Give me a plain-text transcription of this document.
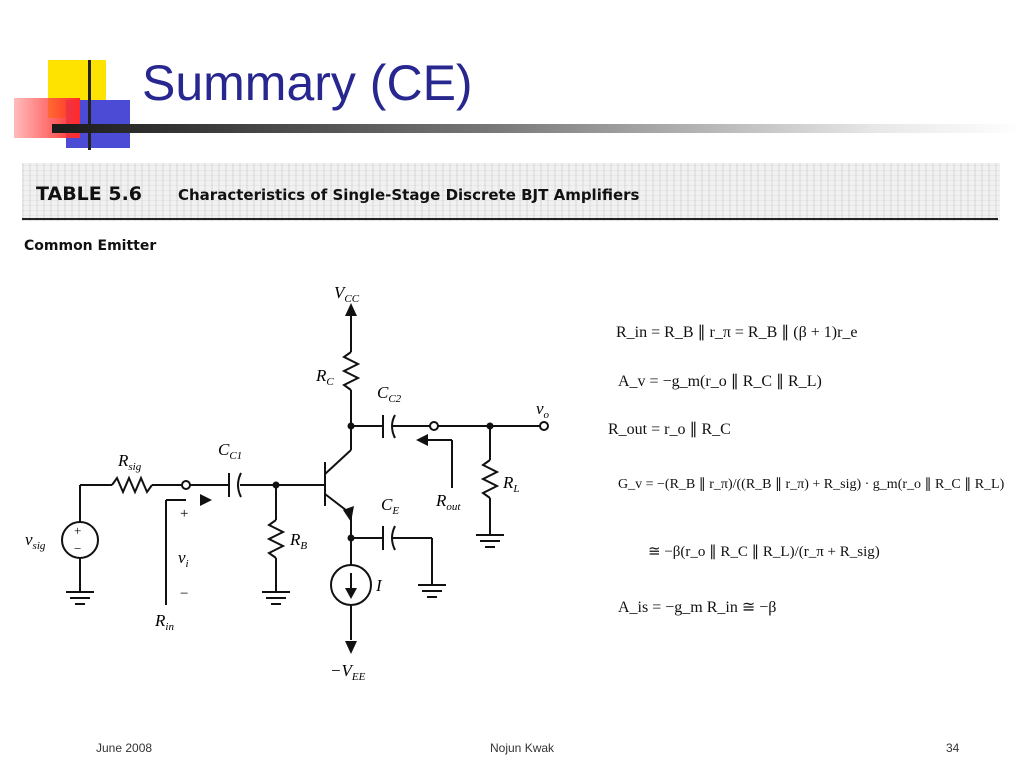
Summary (CE)
TABLE 5.6 Characteristics of Single-Stage Discrete BJT Amplifiers
Common Emitter
$V_{CC}$
$R_C$
$C_{C2}$	$v_o$
$R_L$
$R_{out}$
$C_{C1}$
$R_{sig}$
$v_{sig}$
+
−	$R_B$
$C_E$
I
$-V_{EE}$
+
$v_i$
−
$R_{in}$
R_in = R_B ∥ r_π = R_B ∥ (β + 1)r_e
A_v = −g_m(r_o ∥ R_C ∥ R_L)
R_out = r_o ∥ R_C
G_v = −(R_B ∥ r_π)/((R_B ∥ r_π) + R_sig) · g_m(r_o ∥ R_C ∥ R_L)
≅ −β(r_o ∥ R_C ∥ R_L)/(r_π + R_sig)
A_is = −g_m R_in ≅ −β
June 2008	Nojun Kwak	34
